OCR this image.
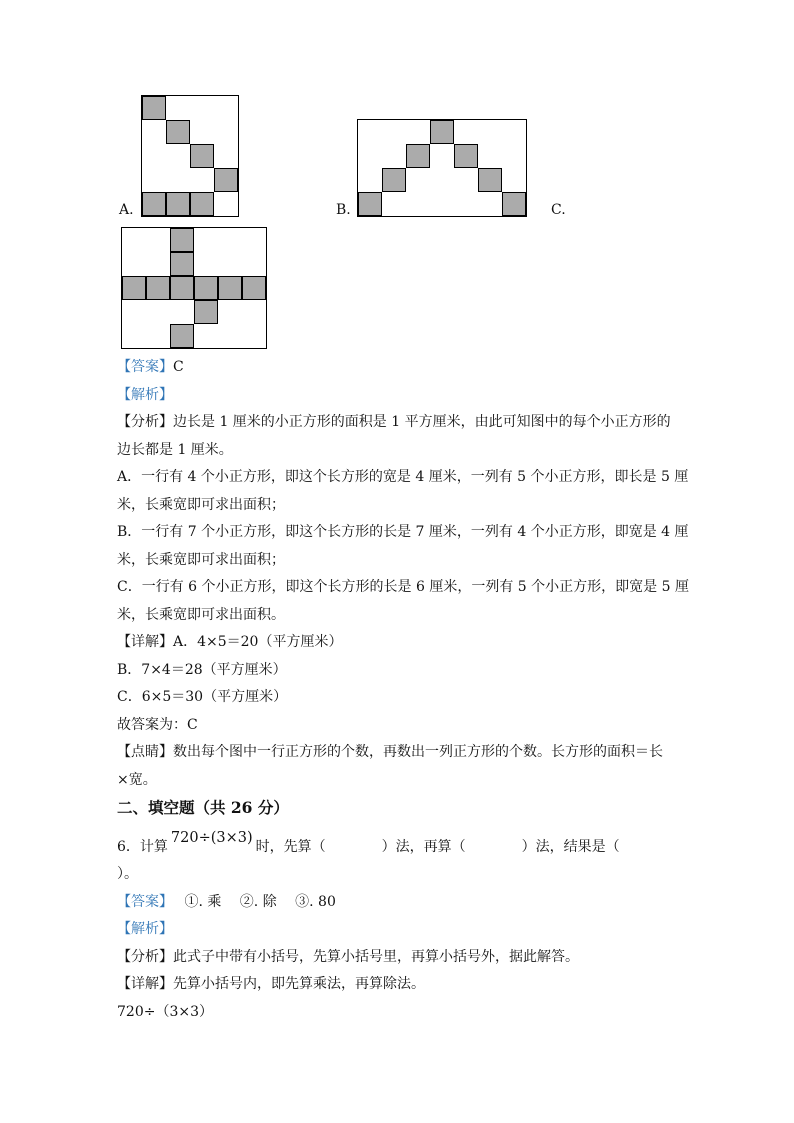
A.	B.	C.
【答案】C
【解析】
【分析】边长是 1 厘米的小正方形的面积是 1 平方厘米，由此可知图中的每个小正方形的
边长都是 1 厘米。
A．一行有 4 个小正方形，即这个长方形的宽是 4 厘米，一列有 5 个小正方形，即长是 5 厘
米，长乘宽即可求出面积；
B．一行有 7 个小正方形，即这个长方形的长是 7 厘米，一列有 4 个小正方形，即宽是 4 厘
米，长乘宽即可求出面积；
C．一行有 6 个小正方形，即这个长方形的长是 6 厘米，一列有 5 个小正方形，即宽是 5 厘
米，长乘宽即可求出面积。
【详解】A．4×5＝20（平方厘米）
B．7×4＝28（平方厘米）
C．6×5＝30（平方厘米）
故答案为：C
【点睛】数出每个图中一行正方形的个数，再数出一列正方形的个数。长方形的面积＝长
×宽。
二、填空题（共 26 分）
6．计算720÷(3×3)时，先算（　　　　）法，再算（　　　　）法，结果是（
）。
【答案】　 ①. 乘　 ②. 除　 ③. 80
【解析】
【分析】此式子中带有小括号，先算小括号里，再算小括号外，据此解答。
【详解】先算小括号内，即先算乘法，再算除法。
720÷（3×3）
